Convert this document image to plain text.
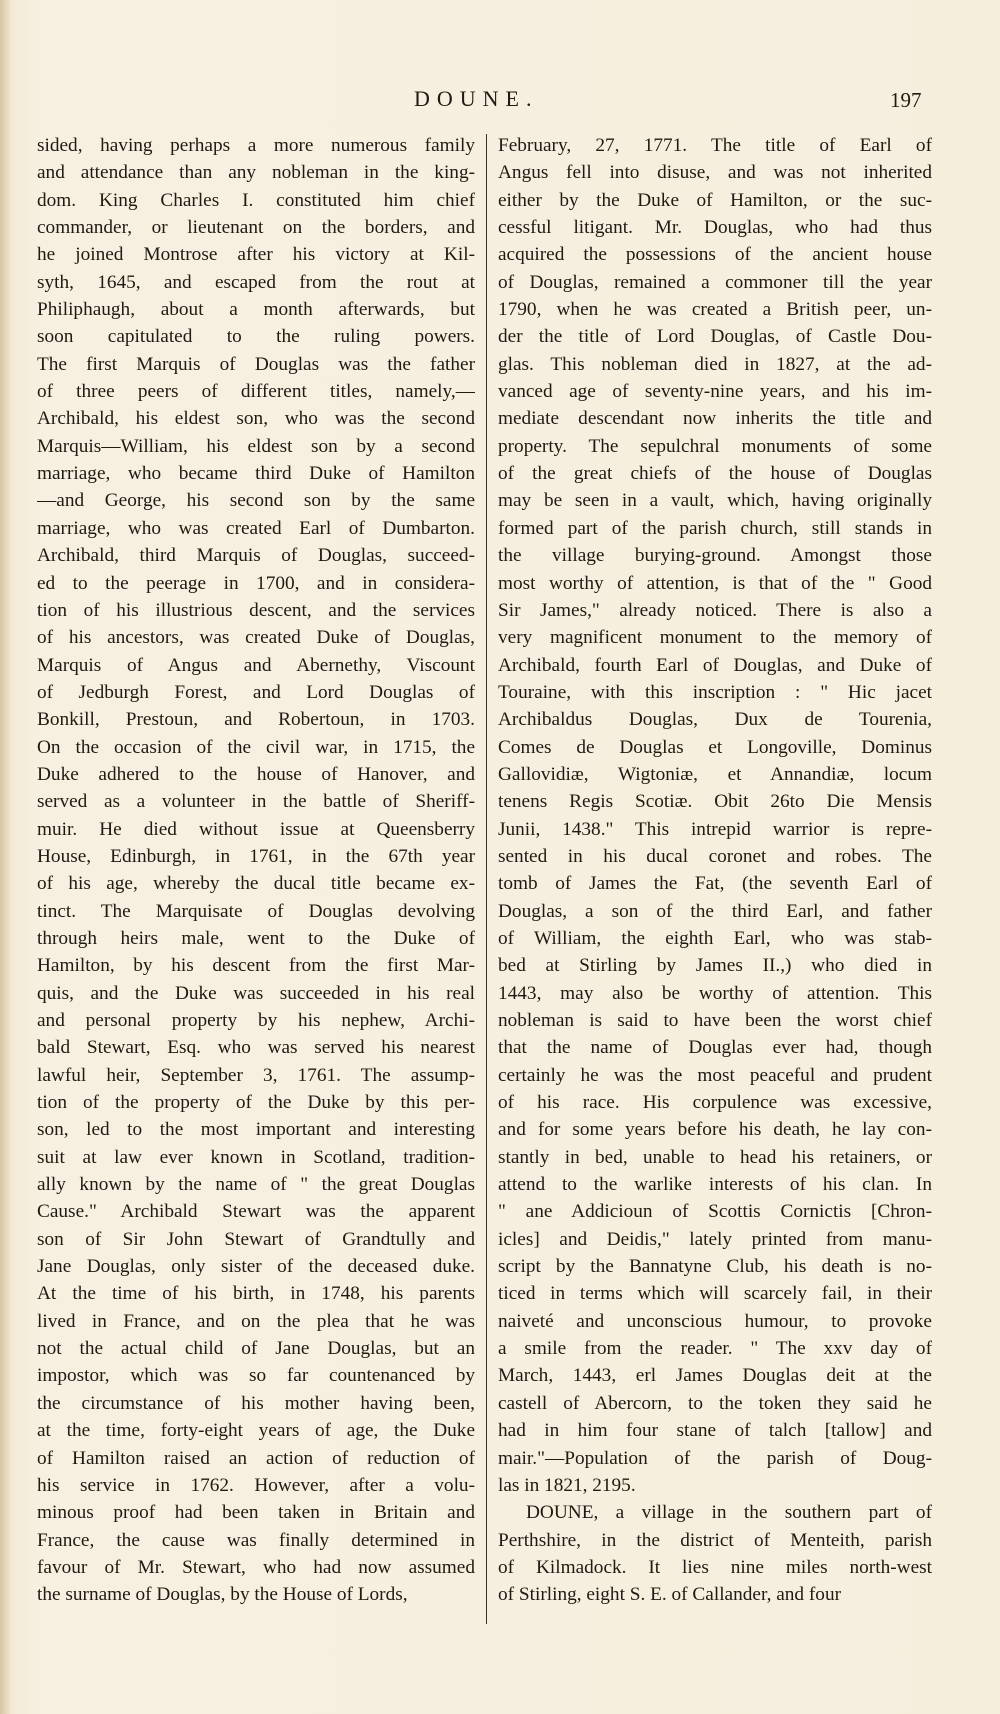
DOUNE.	197
sided, having perhaps a more numerous family
and attendance than any nobleman in the king-
dom. King Charles I. constituted him chief
commander, or lieutenant on the borders, and
he joined Montrose after his victory at Kil-
syth, 1645, and escaped from the rout at
Philiphaugh, about a month afterwards, but
soon capitulated to the ruling powers.
The first Marquis of Douglas was the father
of three peers of different titles, namely,—
Archibald, his eldest son, who was the second
Marquis—William, his eldest son by a second
marriage, who became third Duke of Hamilton
—and George, his second son by the same
marriage, who was created Earl of Dumbarton.
Archibald, third Marquis of Douglas, succeed-
ed to the peerage in 1700, and in considera-
tion of his illustrious descent, and the services
of his ancestors, was created Duke of Douglas,
Marquis of Angus and Abernethy, Viscount
of Jedburgh Forest, and Lord Douglas of
Bonkill, Prestoun, and Robertoun, in 1703.
On the occasion of the civil war, in 1715, the
Duke adhered to the house of Hanover, and
served as a volunteer in the battle of Sheriff-
muir. He died without issue at Queensberry
House, Edinburgh, in 1761, in the 67th year
of his age, whereby the ducal title became ex-
tinct. The Marquisate of Douglas devolving
through heirs male, went to the Duke of
Hamilton, by his descent from the first Mar-
quis, and the Duke was succeeded in his real
and personal property by his nephew, Archi-
bald Stewart, Esq. who was served his nearest
lawful heir, September 3, 1761. The assump-
tion of the property of the Duke by this per-
son, led to the most important and interesting
suit at law ever known in Scotland, tradition-
ally known by the name of " the great Douglas
Cause." Archibald Stewart was the apparent
son of Sir John Stewart of Grandtully and
Jane Douglas, only sister of the deceased duke.
At the time of his birth, in 1748, his parents
lived in France, and on the plea that he was
not the actual child of Jane Douglas, but an
impostor, which was so far countenanced by
the circumstance of his mother having been,
at the time, forty-eight years of age, the Duke
of Hamilton raised an action of reduction of
his service in 1762. However, after a volu-
minous proof had been taken in Britain and
France, the cause was finally determined in
favour of Mr. Stewart, who had now assumed
the surname of Douglas, by the House of Lords,
February, 27, 1771. The title of Earl of
Angus fell into disuse, and was not inherited
either by the Duke of Hamilton, or the suc-
cessful litigant. Mr. Douglas, who had thus
acquired the possessions of the ancient house
of Douglas, remained a commoner till the year
1790, when he was created a British peer, un-
der the title of Lord Douglas, of Castle Dou-
glas. This nobleman died in 1827, at the ad-
vanced age of seventy-nine years, and his im-
mediate descendant now inherits the title and
property. The sepulchral monuments of some
of the great chiefs of the house of Douglas
may be seen in a vault, which, having originally
formed part of the parish church, still stands in
the village burying-ground. Amongst those
most worthy of attention, is that of the " Good
Sir James," already noticed. There is also a
very magnificent monument to the memory of
Archibald, fourth Earl of Douglas, and Duke of
Touraine, with this inscription : " Hic jacet
Archibaldus Douglas, Dux de Tourenia,
Comes de Douglas et Longoville, Dominus
Gallovidiæ, Wigtoniæ, et Annandiæ, locum
tenens Regis Scotiæ. Obit 26to Die Mensis
Junii, 1438." This intrepid warrior is repre-
sented in his ducal coronet and robes. The
tomb of James the Fat, (the seventh Earl of
Douglas, a son of the third Earl, and father
of William, the eighth Earl, who was stab-
bed at Stirling by James II.,) who died in
1443, may also be worthy of attention. This
nobleman is said to have been the worst chief
that the name of Douglas ever had, though
certainly he was the most peaceful and prudent
of his race. His corpulence was excessive,
and for some years before his death, he lay con-
stantly in bed, unable to head his retainers, or
attend to the warlike interests of his clan. In
" ane Addicioun of Scottis Cornictis [Chron-
icles] and Deidis," lately printed from manu-
script by the Bannatyne Club, his death is no-
ticed in terms which will scarcely fail, in their
naiveté and unconscious humour, to provoke
a smile from the reader. " The xxv day of
March, 1443, erl James Douglas deit at the
castell of Abercorn, to the token they said he
had in him four stane of talch [tallow] and
mair."—Population of the parish of Doug-
las in 1821, 2195.
DOUNE, a village in the southern part of
Perthshire, in the district of Menteith, parish
of Kilmadock. It lies nine miles north-west
of Stirling, eight S. E. of Callander, and four
